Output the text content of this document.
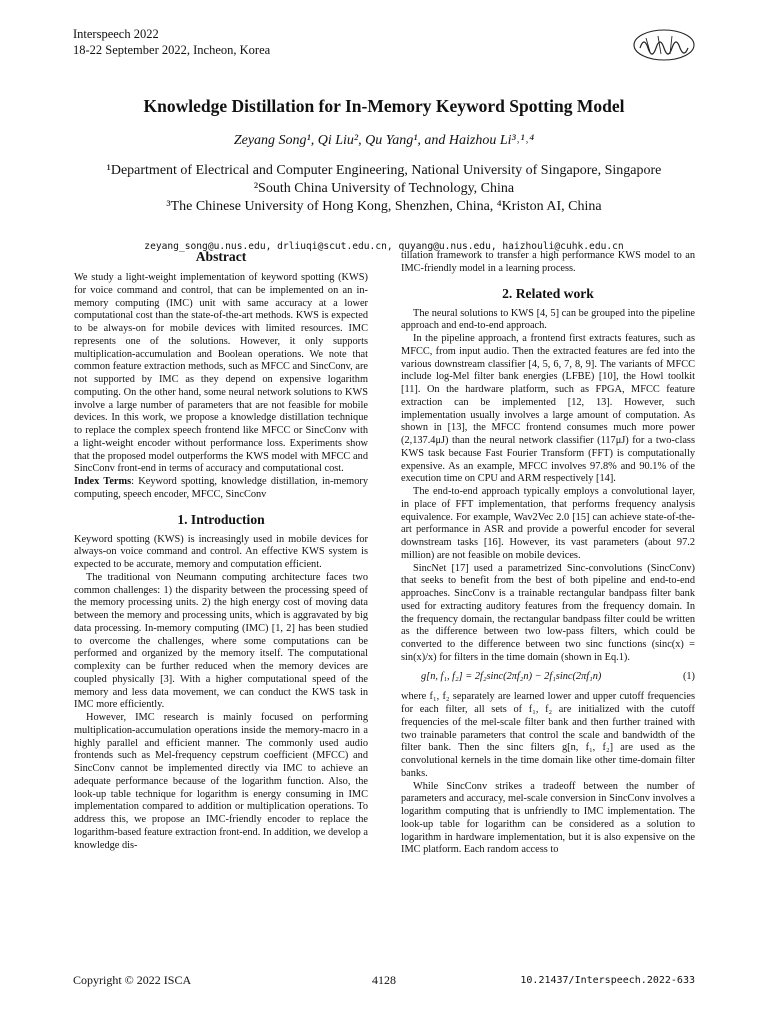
Interspeech 2022
18-22 September 2022, Incheon, Korea
Knowledge Distillation for In-Memory Keyword Spotting Model
Zeyang Song¹, Qi Liu², Qu Yang¹, and Haizhou Li³˒¹˒⁴
¹Department of Electrical and Computer Engineering, National University of Singapore, Singapore
²South China University of Technology, China
³The Chinese University of Hong Kong, Shenzhen, China, ⁴Kriston AI, China
zeyang_song@u.nus.edu, drliuqi@scut.edu.cn, quyang@u.nus.edu, haizhouli@cuhk.edu.cn
Abstract

We study a light-weight implementation of keyword spotting (KWS) for voice command and control, that can be implemented on an in-memory computing (IMC) unit with same accuracy at a lower computational cost than the state-of-the-art methods. KWS is expected to be always-on for mobile devices with limited resources. IMC represents one of the solutions. However, it only supports multiplication-accumulation and Boolean operations. We note that common feature extraction methods, such as MFCC and SincConv, are not supported by IMC as they depend on expensive logarithm computing. On the other hand, some neural network solutions to KWS involve a large number of parameters that are not feasible for mobile devices. In this work, we propose a knowledge distillation technique to replace the complex speech frontend like MFCC or SincConv with a light-weight encoder without performance loss. Experiments show that the proposed model outperforms the KWS model with MFCC and SincConv front-end in terms of accuracy and computational cost.

Index Terms: Keyword spotting, knowledge distillation, in-memory computing, speech encoder, MFCC, SincConv

1. Introduction

Keyword spotting (KWS) is increasingly used in mobile devices for always-on voice command and control. An effective KWS system is expected to be accurate, memory and computation efficient.

The traditional von Neumann computing architecture faces two common challenges: 1) the disparity between the processing speed of the memory processing units. 2) the high energy cost of moving data between the memory and processing units, which is aggravated by big data processing. In-memory computing (IMC) [1, 2] has been studied to overcome the challenges, where some computations can be performed and organized by the memory itself. The computational complexity can be further reduced when the memory devices are coupled physically [3]. With a higher computational speed of the memory and less data movement, we can conduct the KWS task in IMC more efficiently.

However, IMC research is mainly focused on performing multiplication-accumulation operations inside the memory-macro in a highly parallel and efficient manner. The commonly used audio frontends such as Mel-frequency cepstrum coefficient (MFCC) and SincConv cannot be implemented directly via IMC to achieve an adequate performance because of the logarithm function. Also, the look-up table technique for logarithm is energy consuming in IMC implementation compared to addition or multiplication operations. To address this, we propose an IMC-friendly encoder to replace the logarithm-based feature extraction front-end. In addition, we develop a knowledge dis-

tillation framework to transfer a high performance KWS model to an IMC-friendly model in a learning process.

2. Related work

The neural solutions to KWS [4, 5] can be grouped into the pipeline approach and end-to-end approach.

In the pipeline approach, a frontend first extracts features, such as MFCC, from input audio. Then the extracted features are fed into the various downstream classifier [4, 5, 6, 7, 8, 9]. The variants of MFCC include log-Mel filter bank energies (LFBE) [10], the Howl toolkit [11]. On the hardware platform, such as FPGA, MFCC feature extraction can be implemented [12, 13]. However, such implementation usually involves a large amount of computation. As shown in [13], the MFCC frontend consumes much more power (2,137.4μJ) than the neural network classifier (117μJ) for a two-class KWS task because Fast Fourier Transform (FFT) is computationally expensive. As an example, MFCC involves 97.8% and 90.1% of the execution time on CPU and ARM respectively [14].

The end-to-end approach typically employs a convolutional layer, in place of FFT implementation, that performs frequency analysis equivalence. For example, Wav2Vec 2.0 [15] can achieve state-of-the-art performance in ASR and provide a powerful encoder for several downstream tasks [16]. However, its vast parameters (about 97.2 million) are not feasible on mobile devices.

SincNet [17] used a parametrized Sinc-convolutions (SincConv) that seeks to benefit from the best of both pipeline and end-to-end approaches. SincConv is a trainable rectangular bandpass filter bank used for extracting auditory features from the frequency domain. In the frequency domain, the rectangular bandpass filter could be written as the difference between two low-pass filters, which could be converted to the difference between two sinc functions (sinc(x) = sin(x)/x) for filters in the time domain (shown in Eq.1).

g[n, f₁, f₂] = 2f₂sinc(2πf₂n) − 2f₁sinc(2πf₁n)	(1)

where f₁, f₂ separately are learned lower and upper cutoff frequencies for each filter, all sets of f₁, f₂ are initialized with the cutoff frequencies of the mel-scale filter bank and then further trained with two trainable parameters that control the scale and bandwidth of the filter bank. Then the sinc filters g[n, f₁, f₂] are used as the convolutional kernels in the time domain like other time-domain filter banks.

While SincConv strikes a tradeoff between the number of parameters and accuracy, mel-scale conversion in SincConv involves a logarithm computing that is unfriendly to IMC implementation. The look-up table for logarithm can be considered as a solution to logarithm in hardware implementation, but it is also expensive on the IMC platform. Each random access to

Copyright © 2022 ISCA	4128	10.21437/Interspeech.2022-633
